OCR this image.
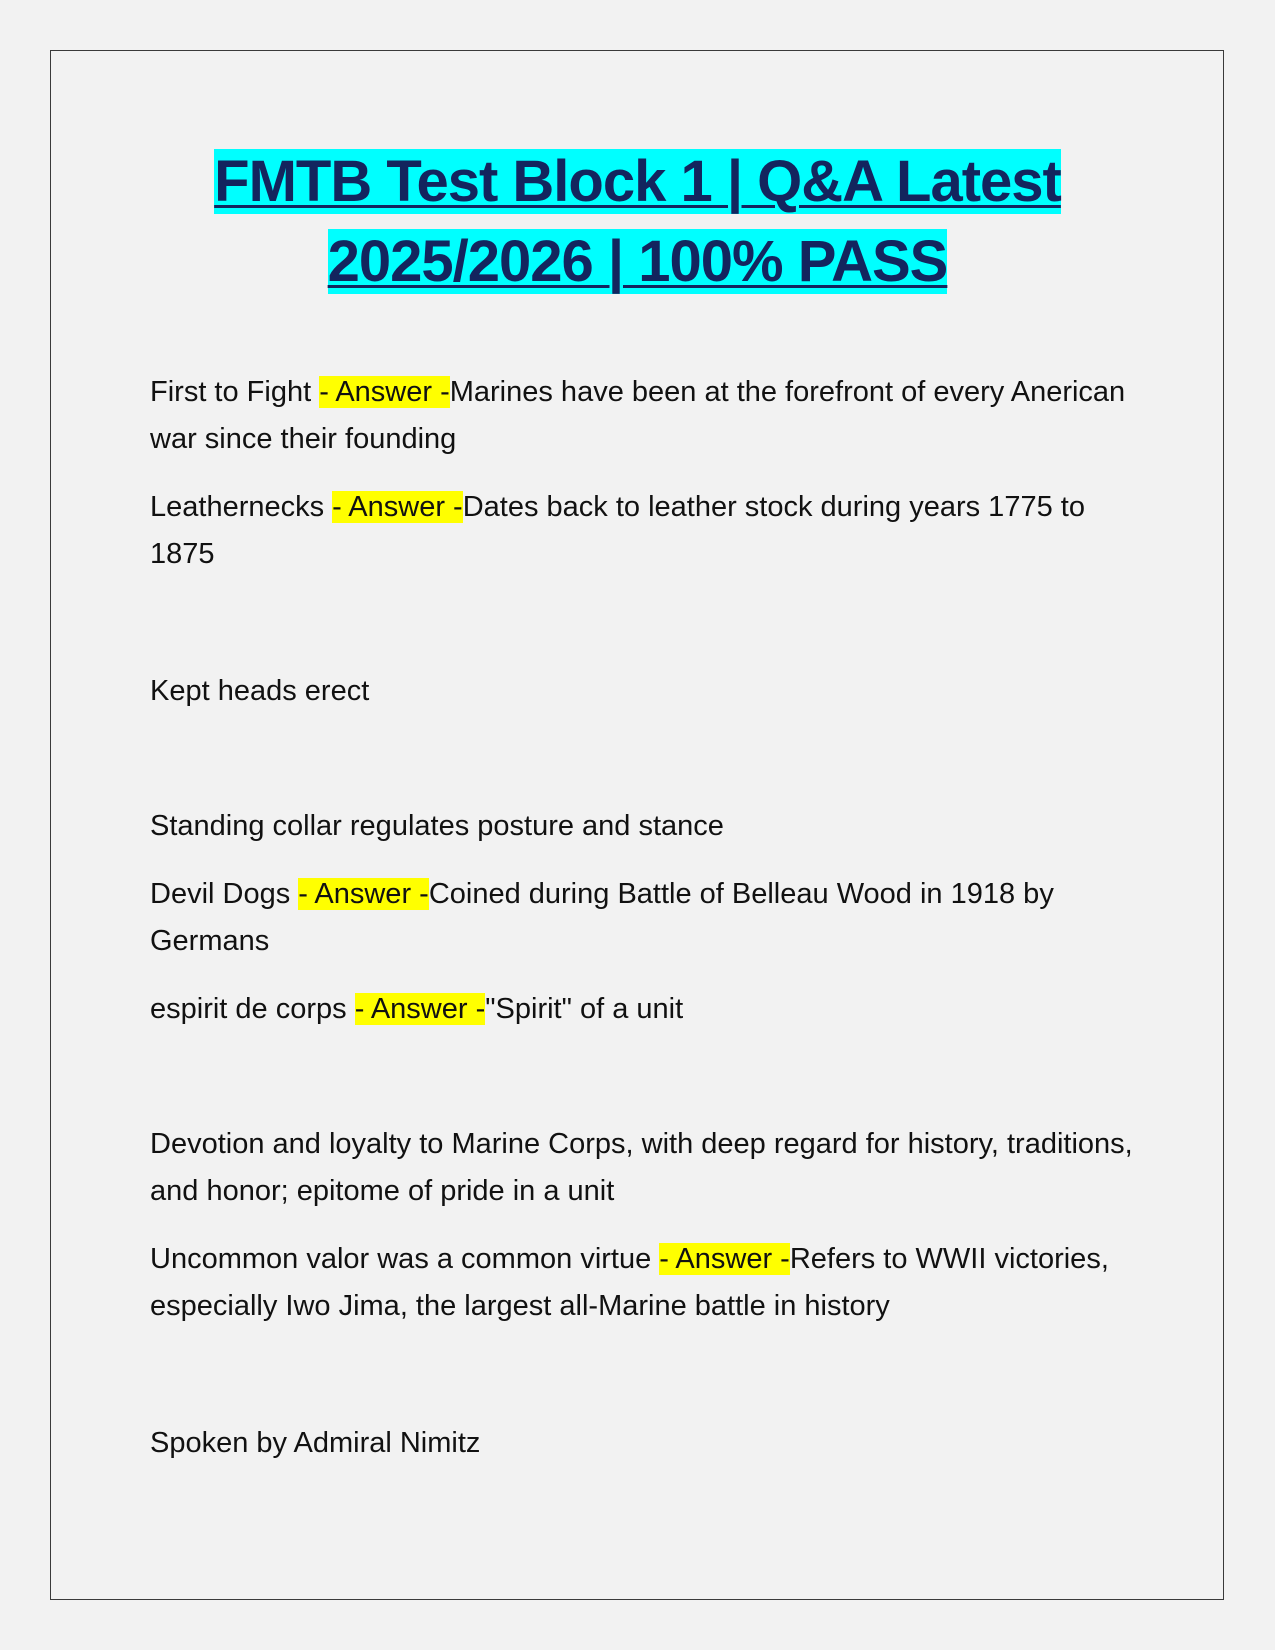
FMTB Test Block 1 | Q&A Latest
2025/2026 | 100% PASS

First to Fight - Answer -Marines have been at the forefront of every Anerican war since their founding

Leathernecks - Answer -Dates back to leather stock during years 1775 to 1875

Kept heads erect

Standing collar regulates posture and stance

Devil Dogs - Answer -Coined during Battle of Belleau Wood in 1918 by Germans

espirit de corps - Answer -"Spirit" of a unit

Devotion and loyalty to Marine Corps, with deep regard for history, traditions, and honor; epitome of pride in a unit

Uncommon valor was a common virtue - Answer -Refers to WWII victories, especially Iwo Jima, the largest all-Marine battle in history

Spoken by Admiral Nimitz
